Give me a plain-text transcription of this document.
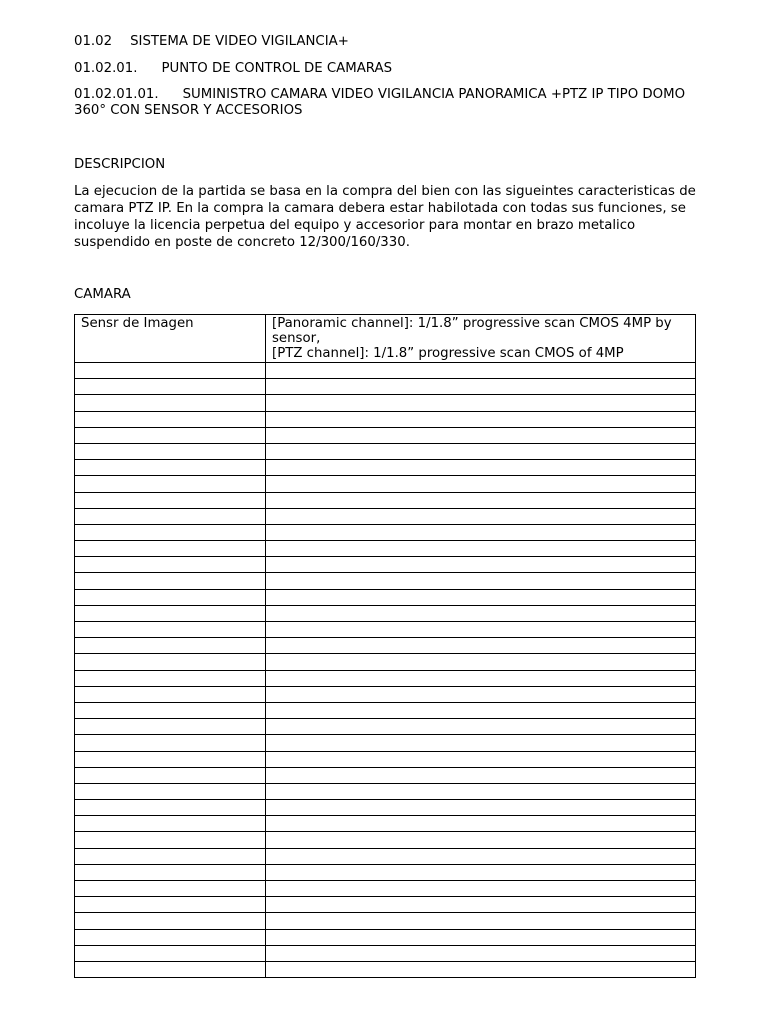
01.02 SISTEMA DE VIDEO VIGILANCIA+
01.02.01. PUNTO DE CONTROL DE CAMARAS
01.02.01.01. SUMINISTRO CAMARA VIDEO VIGILANCIA PANORAMICA +PTZ IP TIPO DOMO 360° CON SENSOR Y ACCESORIOS
DESCRIPCION
La ejecucion de la partida se basa en la compra del bien con las sigueintes caracteristicas de camara PTZ IP. En la compra la camara debera estar habilotada con todas sus funciones, se incoluye la licencia perpetua del equipo y accesorior para montar en brazo metalico suspendido en poste de concreto 12/300/160/330.
CAMARA
Sensr de Imagen	[Panoramic channel]: 1/1.8” progressive scan CMOS 4MP by sensor,
[PTZ channel]: 1/1.8” progressive scan CMOS of 4MP
